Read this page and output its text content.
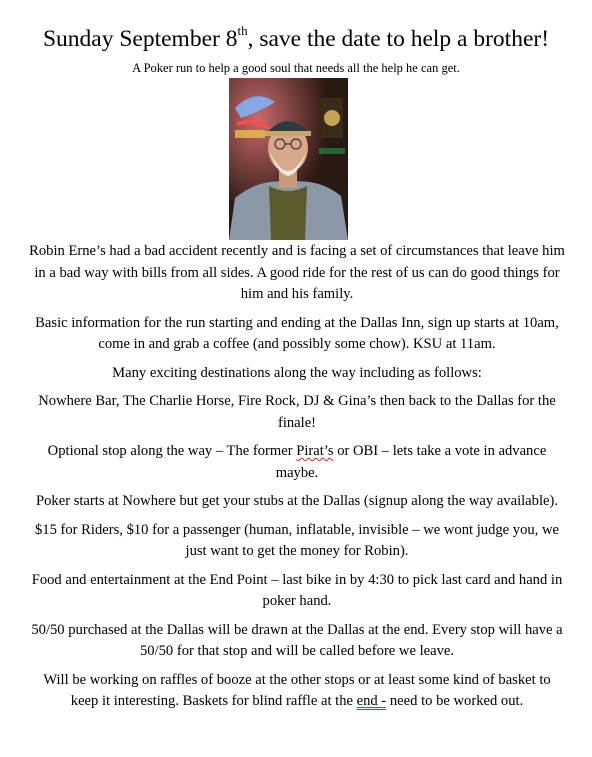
Sunday September 8th, save the date to help a brother!
A Poker run to help a good soul that needs all the help he can get.

Robin Erne’s had a bad accident recently and is facing a set of circumstances that leave him in a bad way with bills from all sides. A good ride for the rest of us can do good things for him and his family.

Basic information for the run starting and ending at the Dallas Inn, sign up starts at 10am, come in and grab a coffee (and possibly some chow). KSU at 11am.

Many exciting destinations along the way including as follows:

Nowhere Bar, The Charlie Horse, Fire Rock, DJ & Gina’s then back to the Dallas for the finale!

Optional stop along the way – The former Pirat’s or OBI – lets take a vote in advance maybe.

Poker starts at Nowhere but get your stubs at the Dallas (signup along the way available).

$15 for Riders, $10 for a passenger (human, inflatable, invisible – we wont judge you, we just want to get the money for Robin).

Food and entertainment at the End Point – last bike in by 4:30 to pick last card and hand in poker hand.

50/50 purchased at the Dallas will be drawn at the Dallas at the end. Every stop will have a 50/50 for that stop and will be called before we leave.

Will be working on raffles of booze at the other stops or at least some kind of basket to keep it interesting. Baskets for blind raffle at the end - need to be worked out.
